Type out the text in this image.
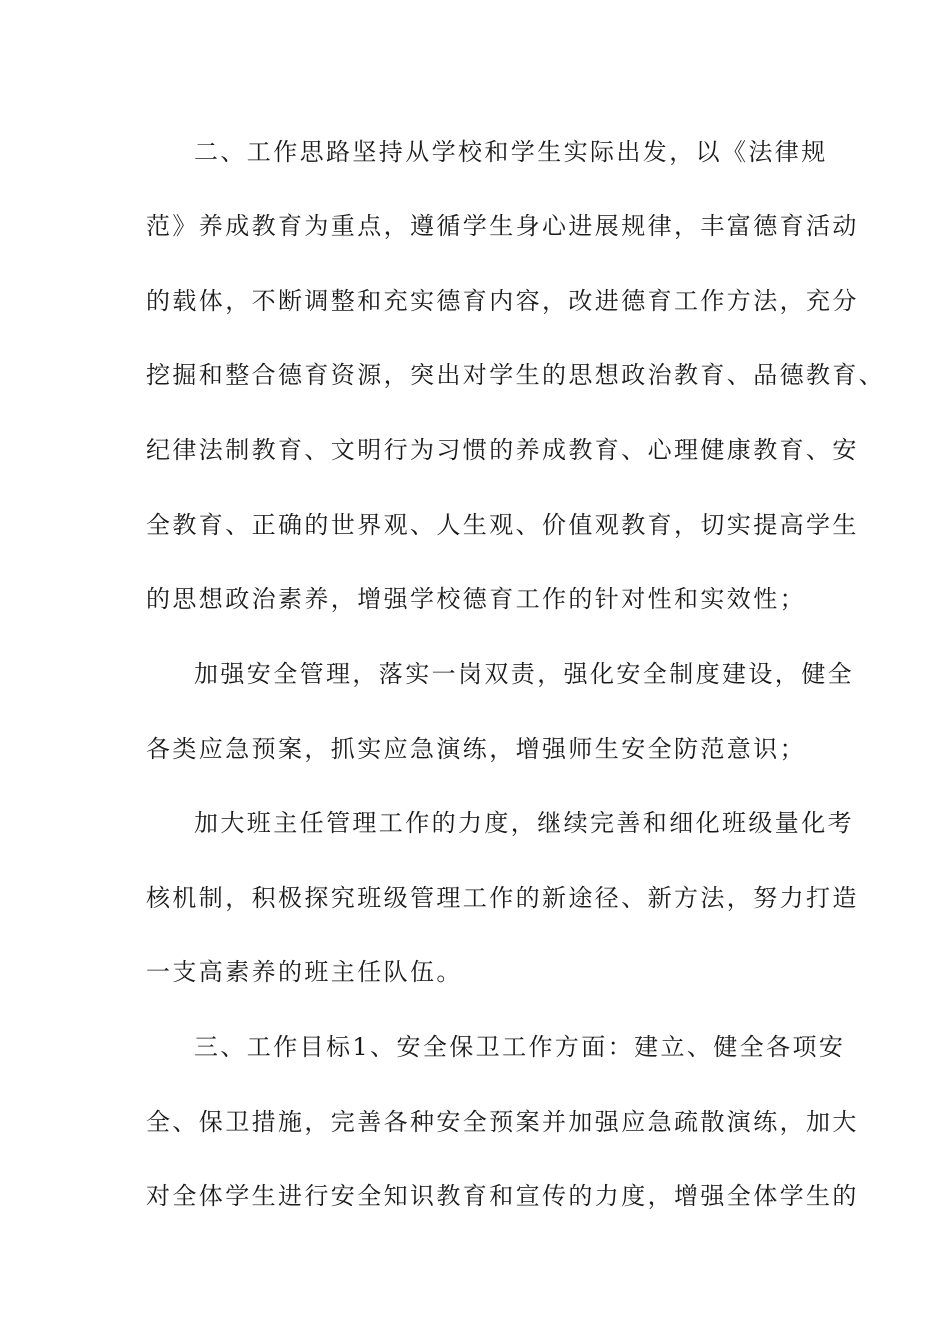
二、工作思路坚持从学校和学生实际出发，以《法律规
范》养成教育为重点，遵循学生身心进展规律，丰富德育活动
的载体，不断调整和充实德育内容，改进德育工作方法，充分
挖掘和整合德育资源，突出对学生的思想政治教育、品德教育、
纪律法制教育、文明行为习惯的养成教育、心理健康教育、安
全教育、正确的世界观、人生观、价值观教育，切实提高学生
的思想政治素养，增强学校德育工作的针对性和实效性；
加强安全管理，落实一岗双责，强化安全制度建设，健全
各类应急预案，抓实应急演练，增强师生安全防范意识；
加大班主任管理工作的力度，继续完善和细化班级量化考
核机制，积极探究班级管理工作的新途径、新方法，努力打造
一支高素养的班主任队伍。
三、工作目标1、安全保卫工作方面：建立、健全各项安
全、保卫措施，完善各种安全预案并加强应急疏散演练，加大
对全体学生进行安全知识教育和宣传的力度，增强全体学生的
